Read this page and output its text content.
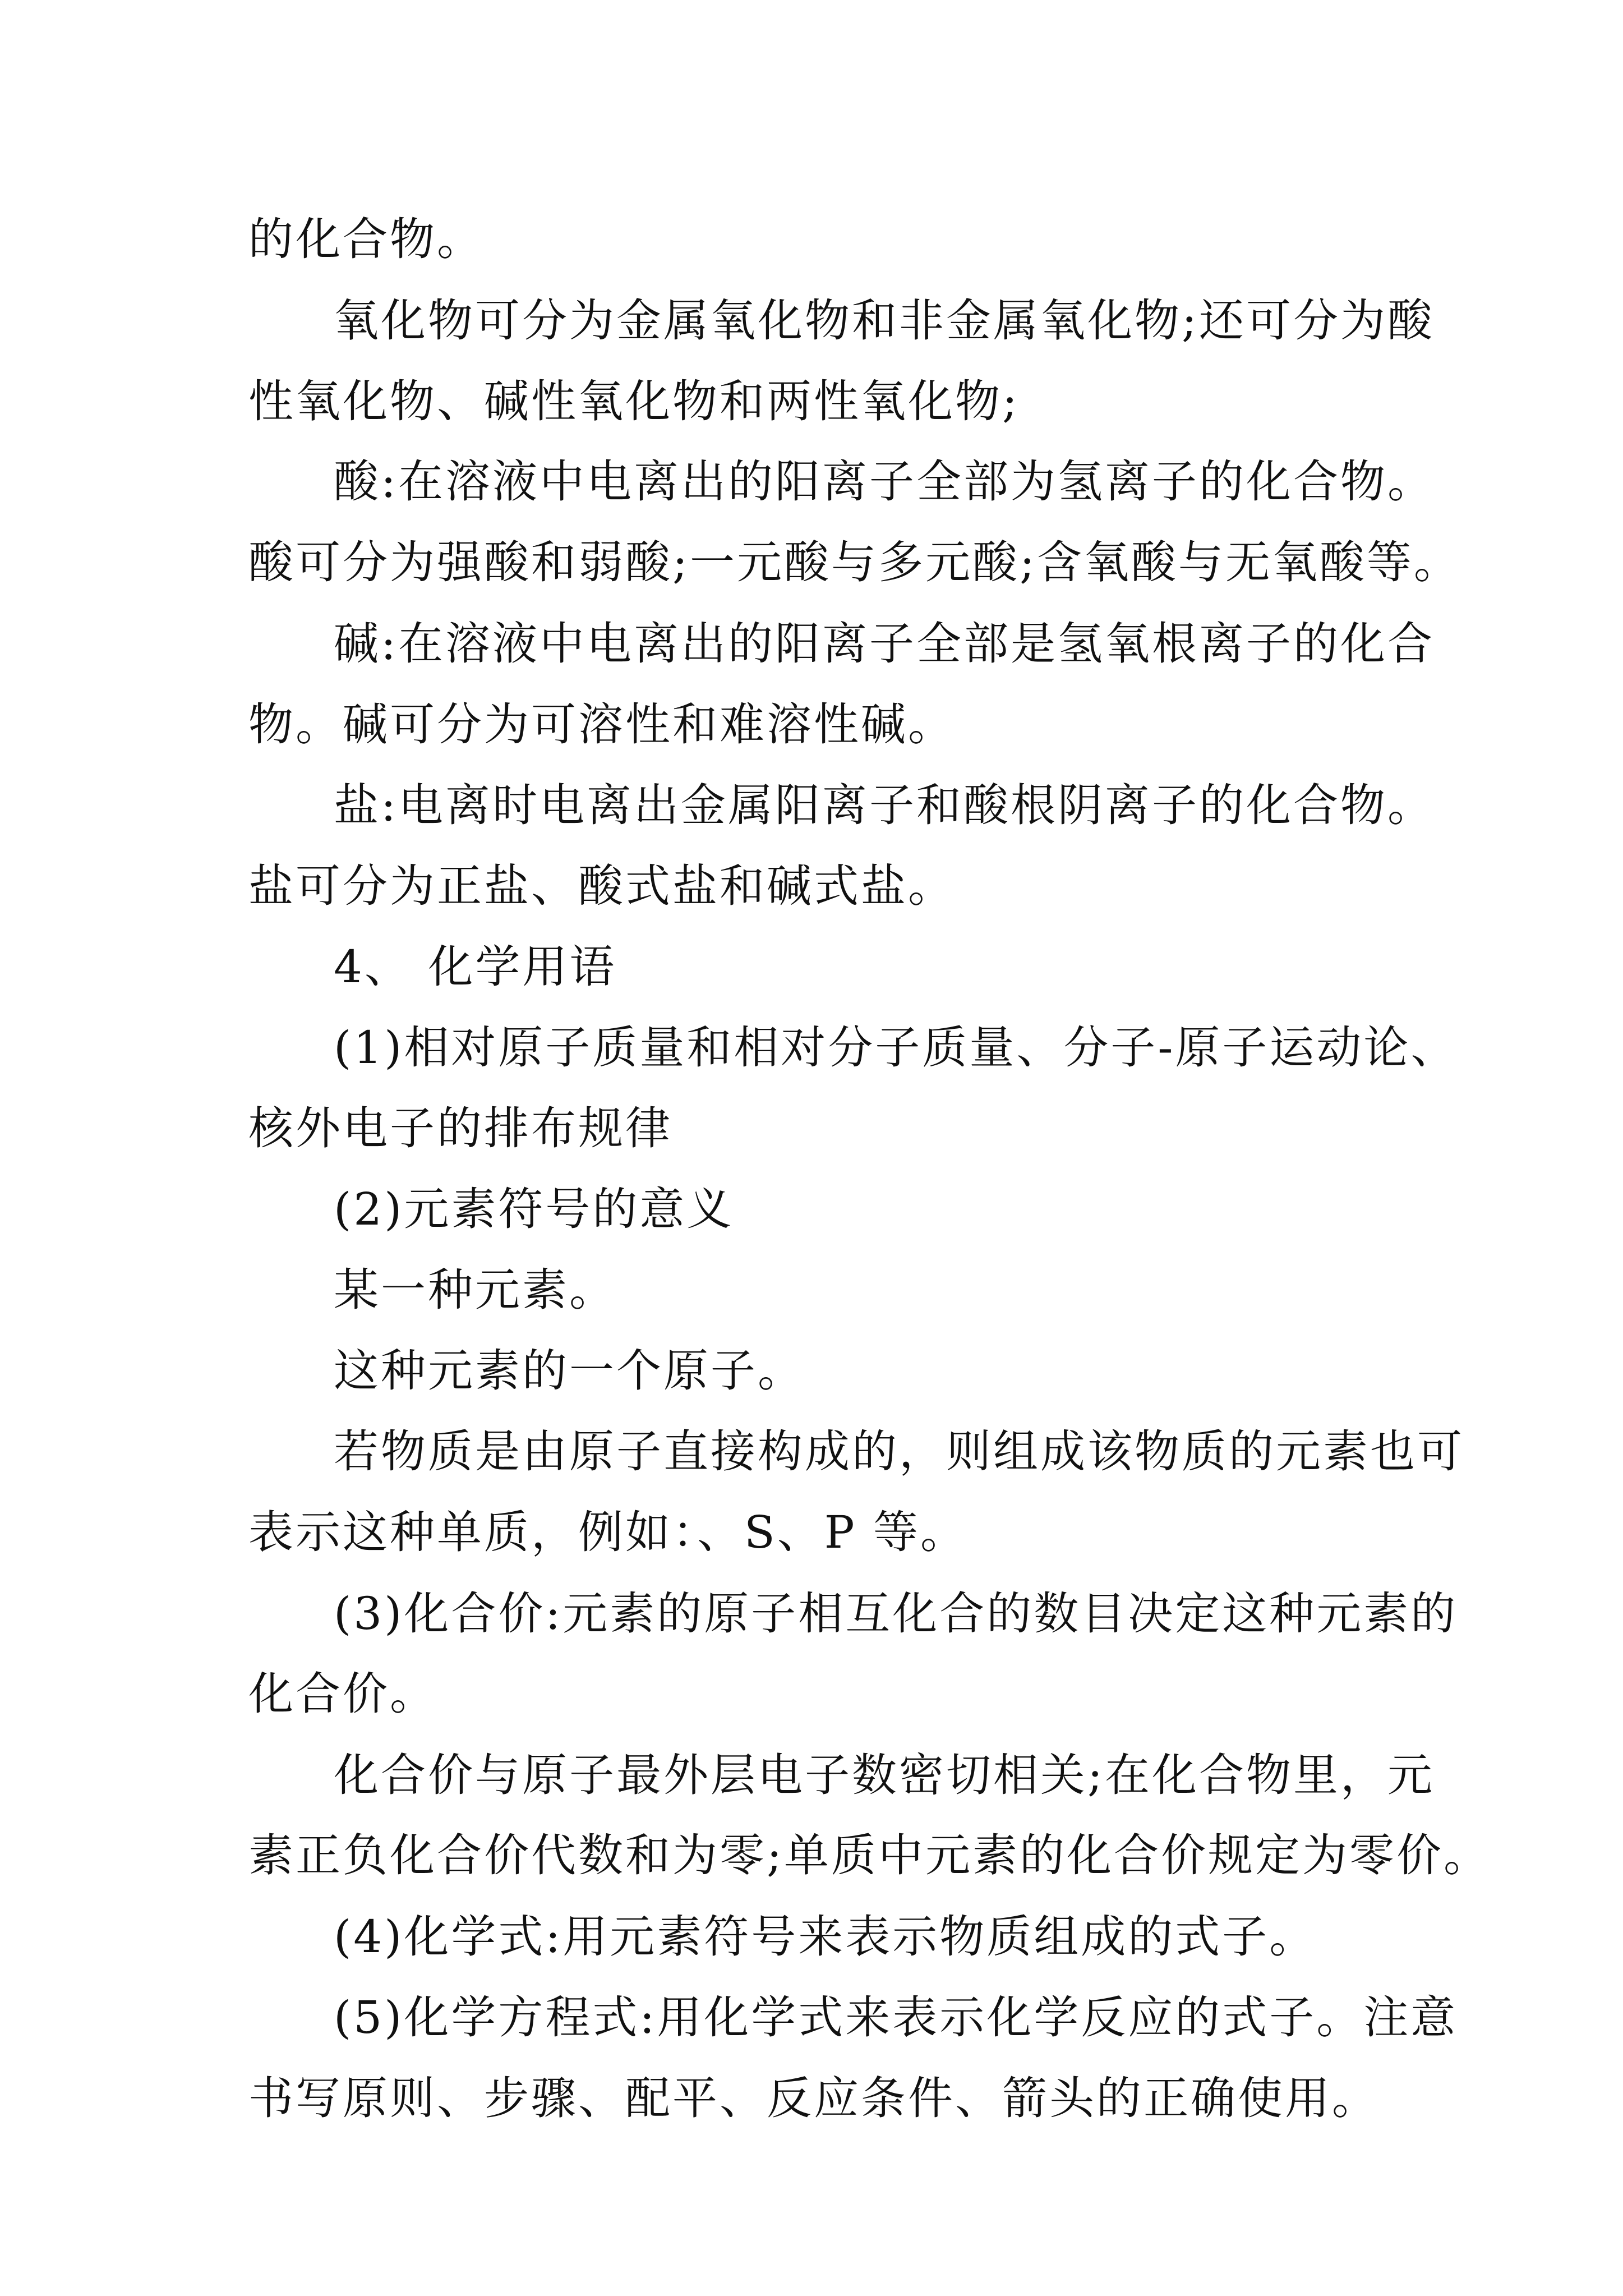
的化合物。

氧化物可分为金属氧化物和非金属氧化物;还可分为酸

性氧化物、碱性氧化物和两性氧化物;

酸:在溶液中电离出的阳离子全部为氢离子的化合物。

酸可分为强酸和弱酸;一元酸与多元酸;含氧酸与无氧酸等。

碱:在溶液中电离出的阳离子全部是氢氧根离子的化合

物。碱可分为可溶性和难溶性碱。

盐:电离时电离出金属阳离子和酸根阴离子的化合物。

盐可分为正盐、酸式盐和碱式盐。

4、 化学用语

(1)相对原子质量和相对分子质量、分子-原子运动论、

核外电子的排布规律

(2)元素符号的意义

某一种元素。

这种元素的一个原子。

若物质是由原子直接构成的，则组成该物质的元素也可

表示这种单质，例如：、S、P 等。

(3)化合价:元素的原子相互化合的数目决定这种元素的

化合价。

化合价与原子最外层电子数密切相关;在化合物里，元

素正负化合价代数和为零;单质中元素的化合价规定为零价。

(4)化学式:用元素符号来表示物质组成的式子。

(5)化学方程式:用化学式来表示化学反应的式子。注意

书写原则、步骤、配平、反应条件、箭头的正确使用。
